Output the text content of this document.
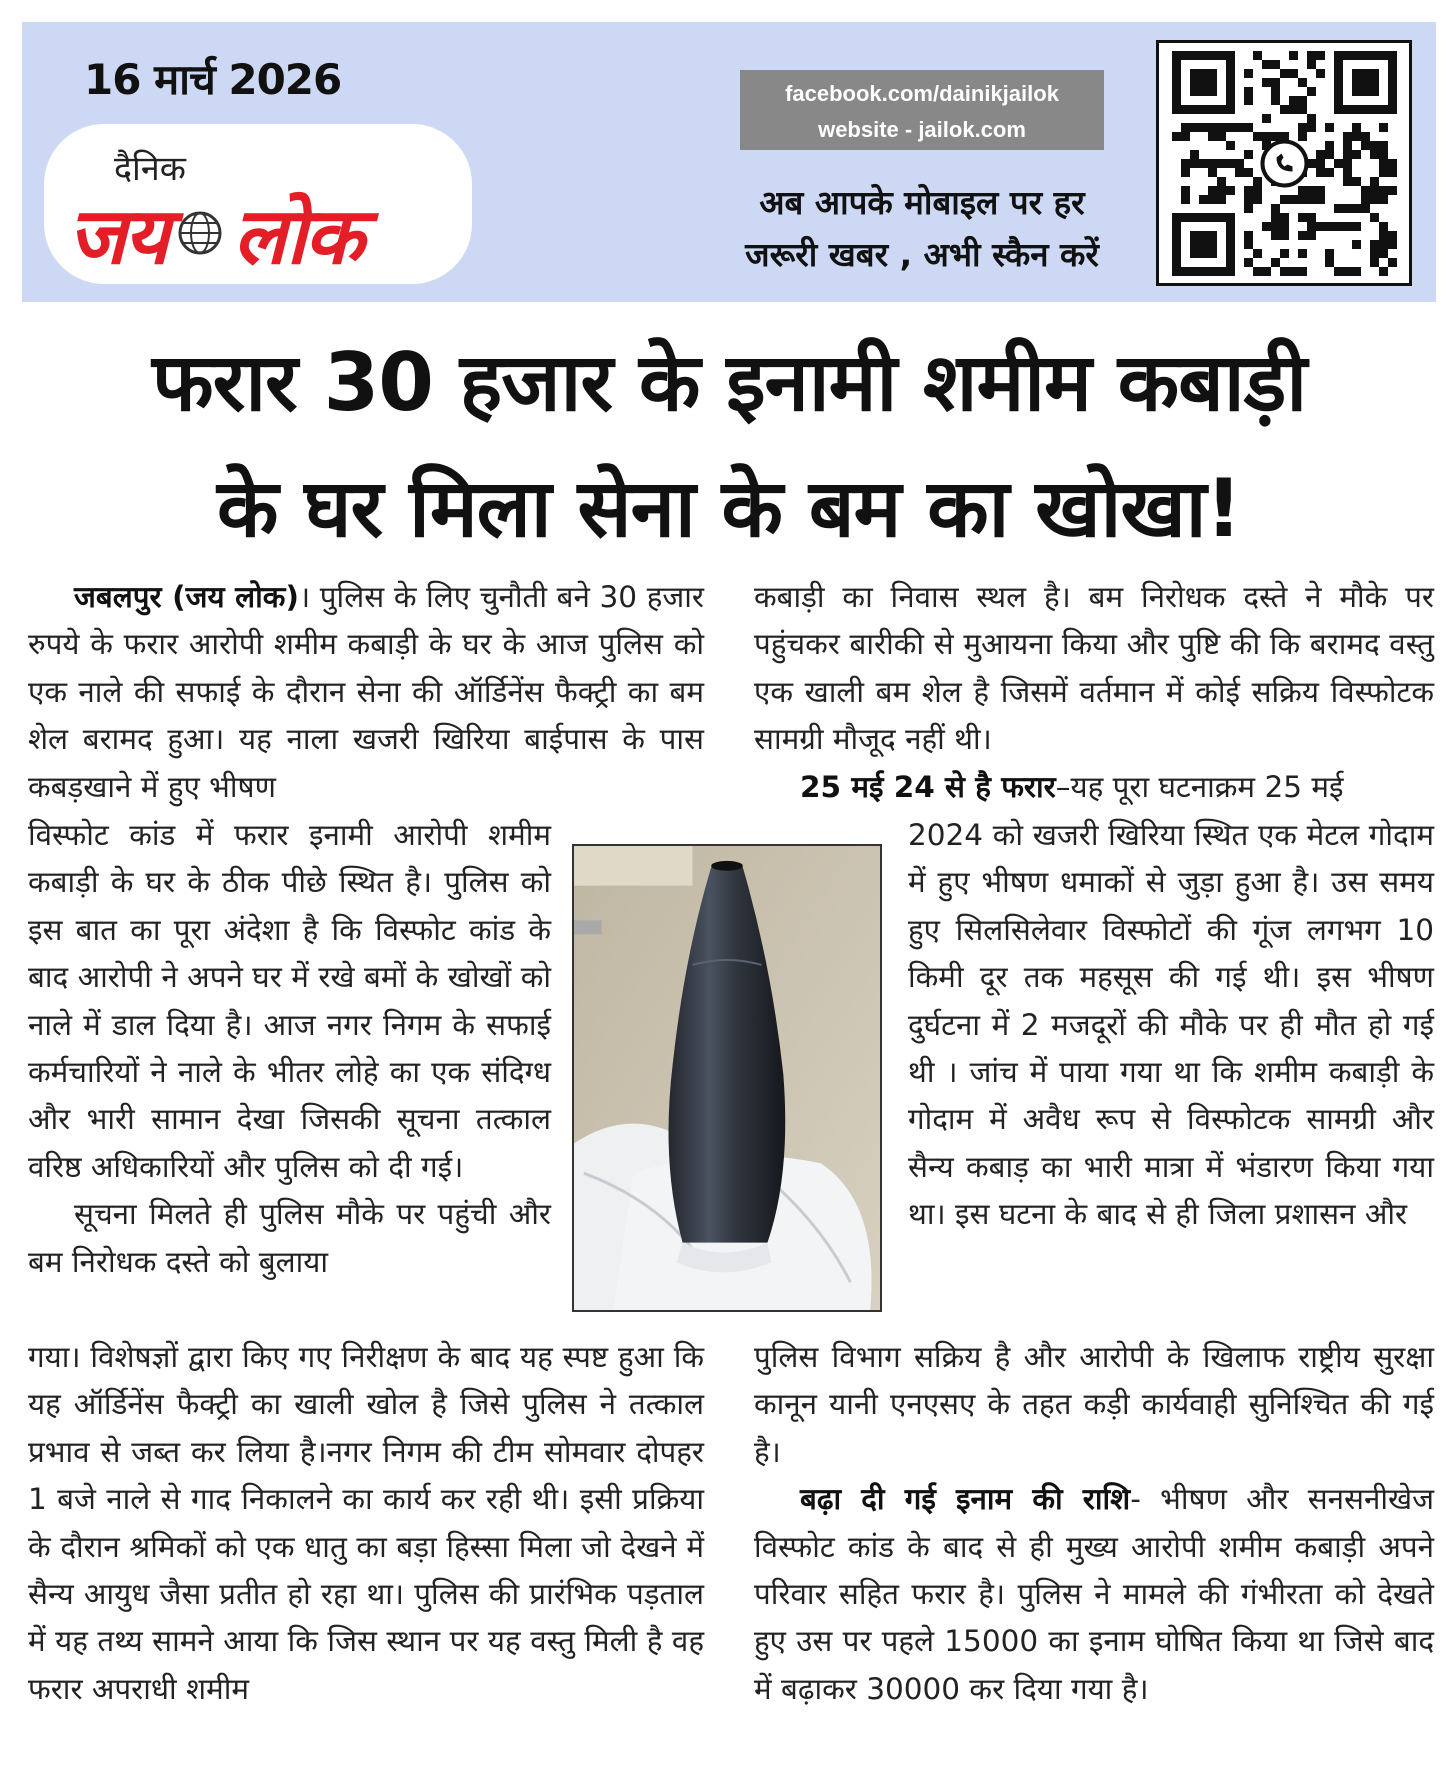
16 मार्च 2026
दैनिक
जय लोक
facebook.com/dainikjailok
website - jailok.com
अब आपके मोबाइल पर हर
जरूरी खबर , अभी स्कैन करें
फरार 30 हजार के इनामी शमीम कबाड़ी
के घर मिला सेना के बम का खोखा!

जबलपुर (जय लोक)। पुलिस के लिए चुनौती बने 30 हजार रुपये के फरार आरोपी शमीम कबाड़ी के घर के आज पुलिस को एक नाले की सफाई के दौरान सेना की ऑर्डिनेंस फैक्ट्री का बम शेल बरामद हुआ। यह नाला खजरी खिरिया बाईपास के पास कबड़खाने में हुए भीषण

विस्फोट कांड में फरार इनामी आरोपी शमीम कबाड़ी के घर के ठीक पीछे स्थित है। पुलिस को इस बात का पूरा अंदेशा है कि विस्फोट कांड के बाद आरोपी ने अपने घर में रखे बमों के खोखों को नाले में डाल दिया है। आज नगर निगम के सफाई कर्मचारियों ने नाले के भीतर लोहे का एक संदिग्ध और भारी सामान देखा जिसकी सूचना तत्काल वरिष्ठ अधिकारियों और पुलिस को दी गई।

सूचना मिलते ही पुलिस मौके पर पहुंची और बम निरोधक दस्ते को बुलाया

गया। विशेषज्ञों द्वारा किए गए निरीक्षण के बाद यह स्पष्ट हुआ कि यह ऑर्डिनेंस फैक्ट्री का खाली खोल है जिसे पुलिस ने तत्काल प्रभाव से जब्त कर लिया है।नगर निगम की टीम सोमवार दोपहर 1 बजे नाले से गाद निकालने का कार्य कर रही थी। इसी प्रक्रिया के दौरान श्रमिकों को एक धातु का बड़ा हिस्सा मिला जो देखने में सैन्य आयुध जैसा प्रतीत हो रहा था। पुलिस की प्रारंभिक पड़ताल में यह तथ्य सामने आया कि जिस स्थान पर यह वस्तु मिली है वह फरार अपराधी शमीम

कबाड़ी का निवास स्थल है। बम निरोधक दस्ते ने मौके पर पहुंचकर बारीकी से मुआयना किया और पुष्टि की कि बरामद वस्तु एक खाली बम शेल है जिसमें वर्तमान में कोई सक्रिय विस्फोटक सामग्री मौजूद नहीं थी।

25 मई 24 से है फरार–यह पूरा घटनाक्रम 25 मई

2024 को खजरी खिरिया स्थित एक मेटल गोदाम में हुए भीषण धमाकों से जुड़ा हुआ है। उस समय हुए सिलसिलेवार विस्फोटों की गूंज लगभग 10 किमी दूर तक महसूस की गई थी। इस भीषण दुर्घटना में 2 मजदूरों की मौके पर ही मौत हो गई थी । जांच में पाया गया था कि शमीम कबाड़ी के गोदाम में अवैध रूप से विस्फोटक सामग्री और सैन्य कबाड़ का भारी मात्रा में भंडारण किया गया था। इस घटना के बाद से ही जिला प्रशासन और

पुलिस विभाग सक्रिय है और आरोपी के खिलाफ राष्ट्रीय सुरक्षा कानून यानी एनएसए के तहत कड़ी कार्यवाही सुनिश्चित की गई है।

बढ़ा दी गई इनाम की राशि- भीषण और सनसनीखेज विस्फोट कांड के बाद से ही मुख्य आरोपी शमीम कबाड़ी अपने परिवार सहित फरार है। पुलिस ने मामले की गंभीरता को देखते हुए उस पर पहले 15000 का इनाम घोषित किया था जिसे बाद में बढ़ाकर 30000 कर दिया गया है।
